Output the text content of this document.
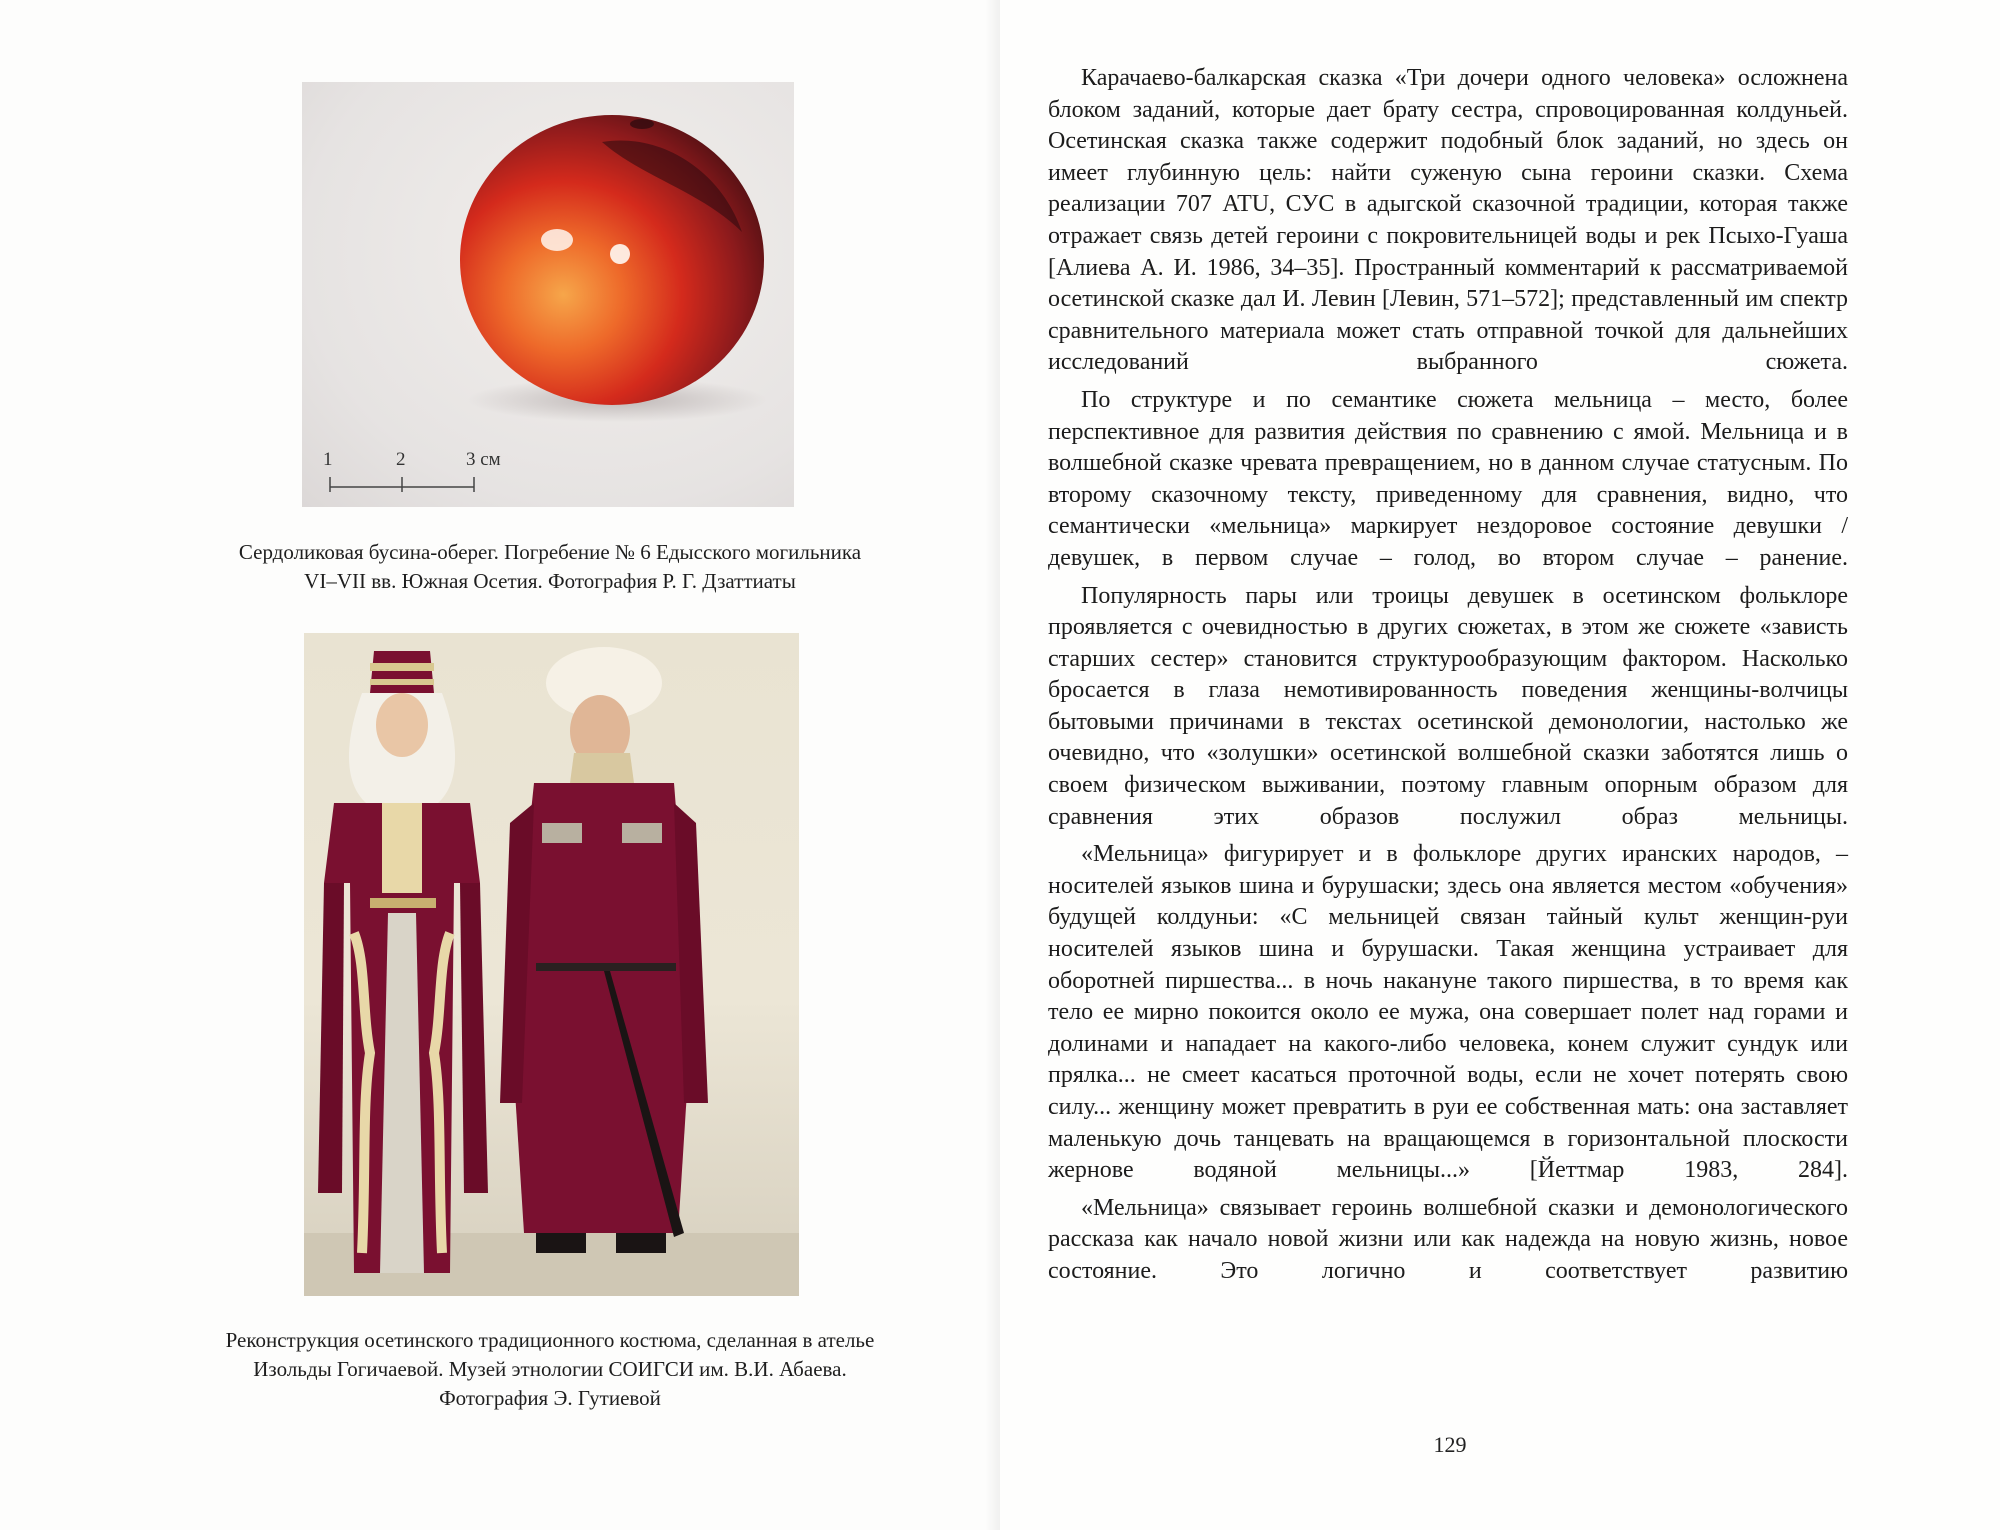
1	2	3 см
Сердоликовая бусина-оберег. Погребение № 6 Едысского могильника
VI–VII вв. Южная Осетия. Фотография Р. Г. Дзаттиаты
Реконструкция осетинского традиционного костюма, сделанная в ателье
Изольды Гогичаевой. Музей этнологии СОИГСИ им. В.И. Абаева.
Фотография Э. Гутиевой

Карачаево-балкарская сказка «Три дочери одного человека» осложнена блоком заданий, которые дает брату сестра, спровоцированная колдуньей. Осетинская сказка также содержит подобный блок заданий, но здесь он имеет глубинную цель: найти суженую сына героини сказки. Схема реализации 707 ATU, СУС в адыгской сказочной традиции, которая также отражает связь детей героини с покровительницей воды и рек Псыхо-Гуаша [Алиева А. И. 1986, 34–35]. Пространный комментарий к рассматриваемой осетинской сказке дал И. Левин [Левин, 571–572]; представленный им спектр сравнительного материала может стать отправной точкой для дальнейших исследований выбранного сюжета.

По структуре и по семантике сюжета мельница – место, более перспективное для развития действия по сравнению с ямой. Мельница и в волшебной сказке чревата превращением, но в данном случае статусным. По второму сказочному тексту, приведенному для сравнения, видно, что семантически «мельница» маркирует нездоровое состояние девушки / девушек, в первом случае – голод, во втором случае – ранение.

Популярность пары или троицы девушек в осетинском фольклоре проявляется с очевидностью в других сюжетах, в этом же сюжете «зависть старших сестер» становится структурообразующим фактором. Насколько бросается в глаза немотивированность поведения женщины-волчицы бытовыми причинами в текстах осетинской демонологии, настолько же очевидно, что «золушки» осетинской волшебной сказки заботятся лишь о своем физическом выживании, поэтому главным опорным образом для сравнения этих образов послужил образ мельницы.

«Мельница» фигурирует и в фольклоре других иранских народов, – носителей языков шина и бурушаски; здесь она является местом «обучения» будущей колдуньи: «С мельницей связан тайный культ женщин-руи носителей языков шина и бурушаски. Такая женщина устраивает для оборотней пиршества... в ночь накануне такого пиршества, в то время как тело ее мирно покоится около ее мужа, она совершает полет над горами и долинами и нападает на какого-либо человека, конем служит сундук или прялка... не смеет касаться проточной воды, если не хочет потерять свою силу... женщину может превратить в руи ее собственная мать: она заставляет маленькую дочь танцевать на вращающемся в горизонтальной плоскости жернове водяной мельницы...» [Йеттмар 1983, 284].

«Мельница» связывает героинь волшебной сказки и демонологического рассказа как начало новой жизни или как надежда на новую жизнь, новое состояние. Это логично и соответствует развитию

129
